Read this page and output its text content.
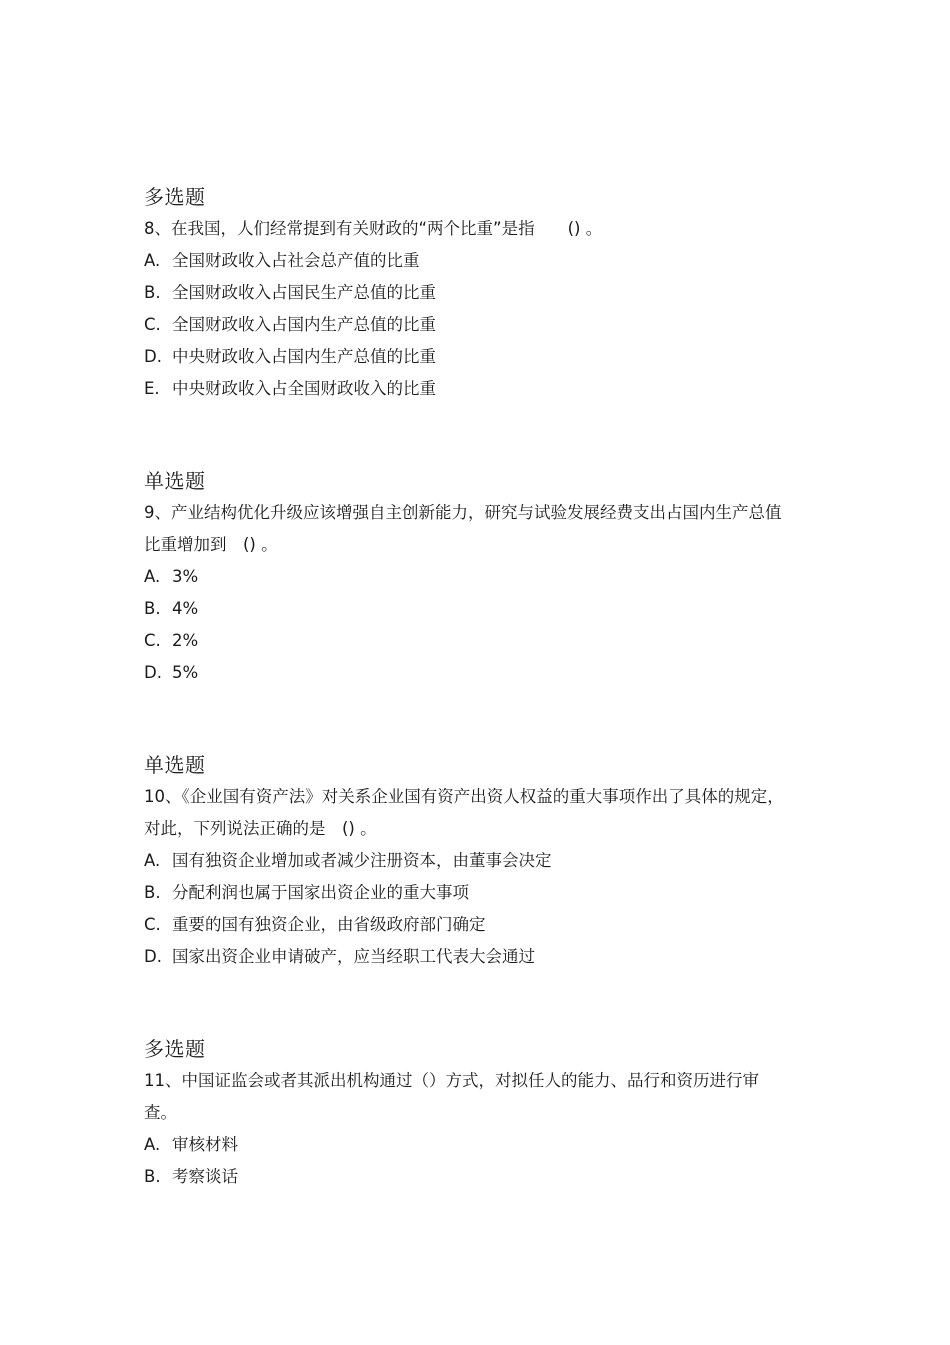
多选题

8、在我国，人们经常提到有关财政的“两个比重”是指　　() 。

A. 全国财政收入占社会总产值的比重
B. 全国财政收入占国民生产总值的比重
C. 全国财政收入占国内生产总值的比重
D. 中央财政收入占国内生产总值的比重
E. 中央财政收入占全国财政收入的比重
单选题

9、产业结构优化升级应该增强自主创新能力，研究与试验发展经费支出占国内生产总值比重增加到　() 。

A. 3%
B. 4%
C. 2%
D. 5%
单选题

10、《企业国有资产法》对关系企业国有资产出资人权益的重大事项作出了具体的规定，对此，下列说法正确的是　() 。

A. 国有独资企业增加或者减少注册资本，由董事会决定
B. 分配利润也属于国家出资企业的重大事项
C. 重要的国有独资企业，由省级政府部门确定
D. 国家出资企业申请破产，应当经职工代表大会通过
多选题

11、中国证监会或者其派出机构通过（）方式，对拟任人的能力、品行和资历进行审查。

A. 审核材料
B. 考察谈话
